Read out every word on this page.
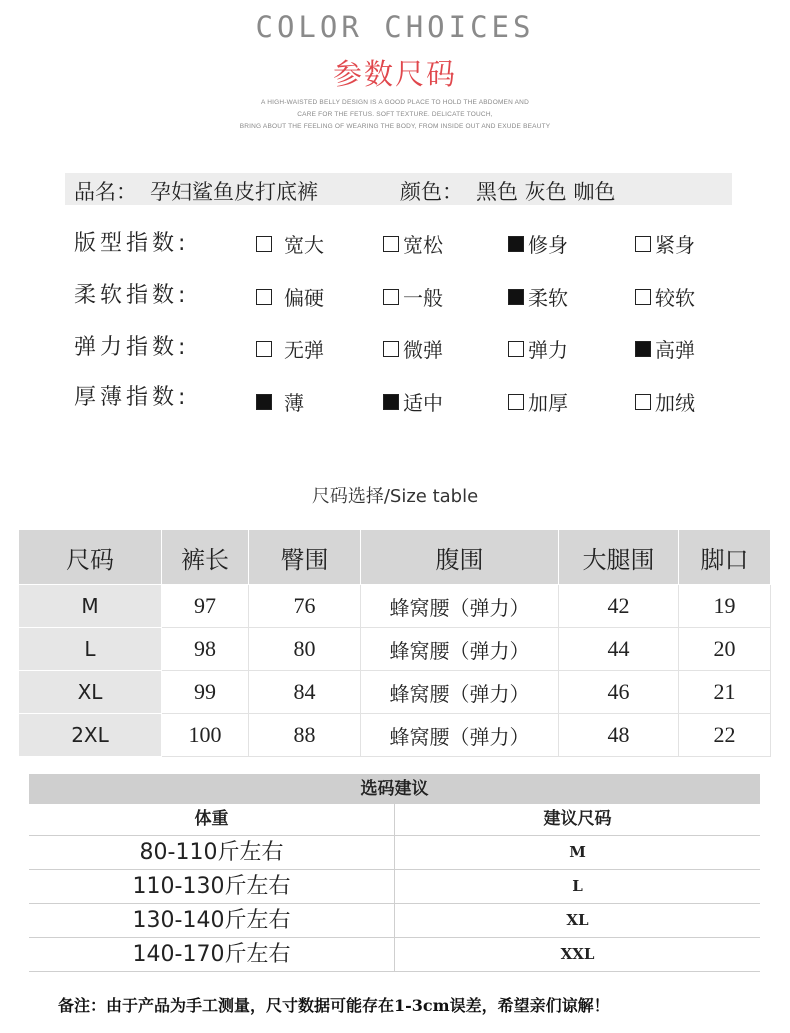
COLOR CHOICES
参数尺码
A HIGH-WAISTED BELLY DESIGN IS A GOOD PLACE TO HOLD THE ABDOMEN AND
CARE FOR THE FETUS. SOFT TEXTURE. DELICATE TOUCH,
BRING ABOUT THE FEELING OF WEARING THE BODY, FROM INSIDE OUT AND EXUDE BEAUTY
品名： 孕妇鲨鱼皮打底裤	颜色： 黑色 灰色 咖色
版型指数:	宽大	宽松	修身	紧身
柔软指数:	偏硬	一般	柔软	较软
弹力指数:	无弹	微弹	弹力	高弹
厚薄指数:	薄	适中	加厚	加绒
尺码选择/Size table
尺码	裤长	臀围	腹围	大腿围	脚口
M	97	76	蜂窝腰（弹力）	42	19
L	98	80	蜂窝腰（弹力）	44	20
XL	99	84	蜂窝腰（弹力）	46	21
2XL	100	88	蜂窝腰（弹力）	48	22
选码建议
体重	建议尺码
80-110斤左右	M
110-130斤左右	L
130-140斤左右	XL
140-170斤左右	XXL
备注：由于产品为手工测量，尺寸数据可能存在1-3cm误差，希望亲们谅解！
